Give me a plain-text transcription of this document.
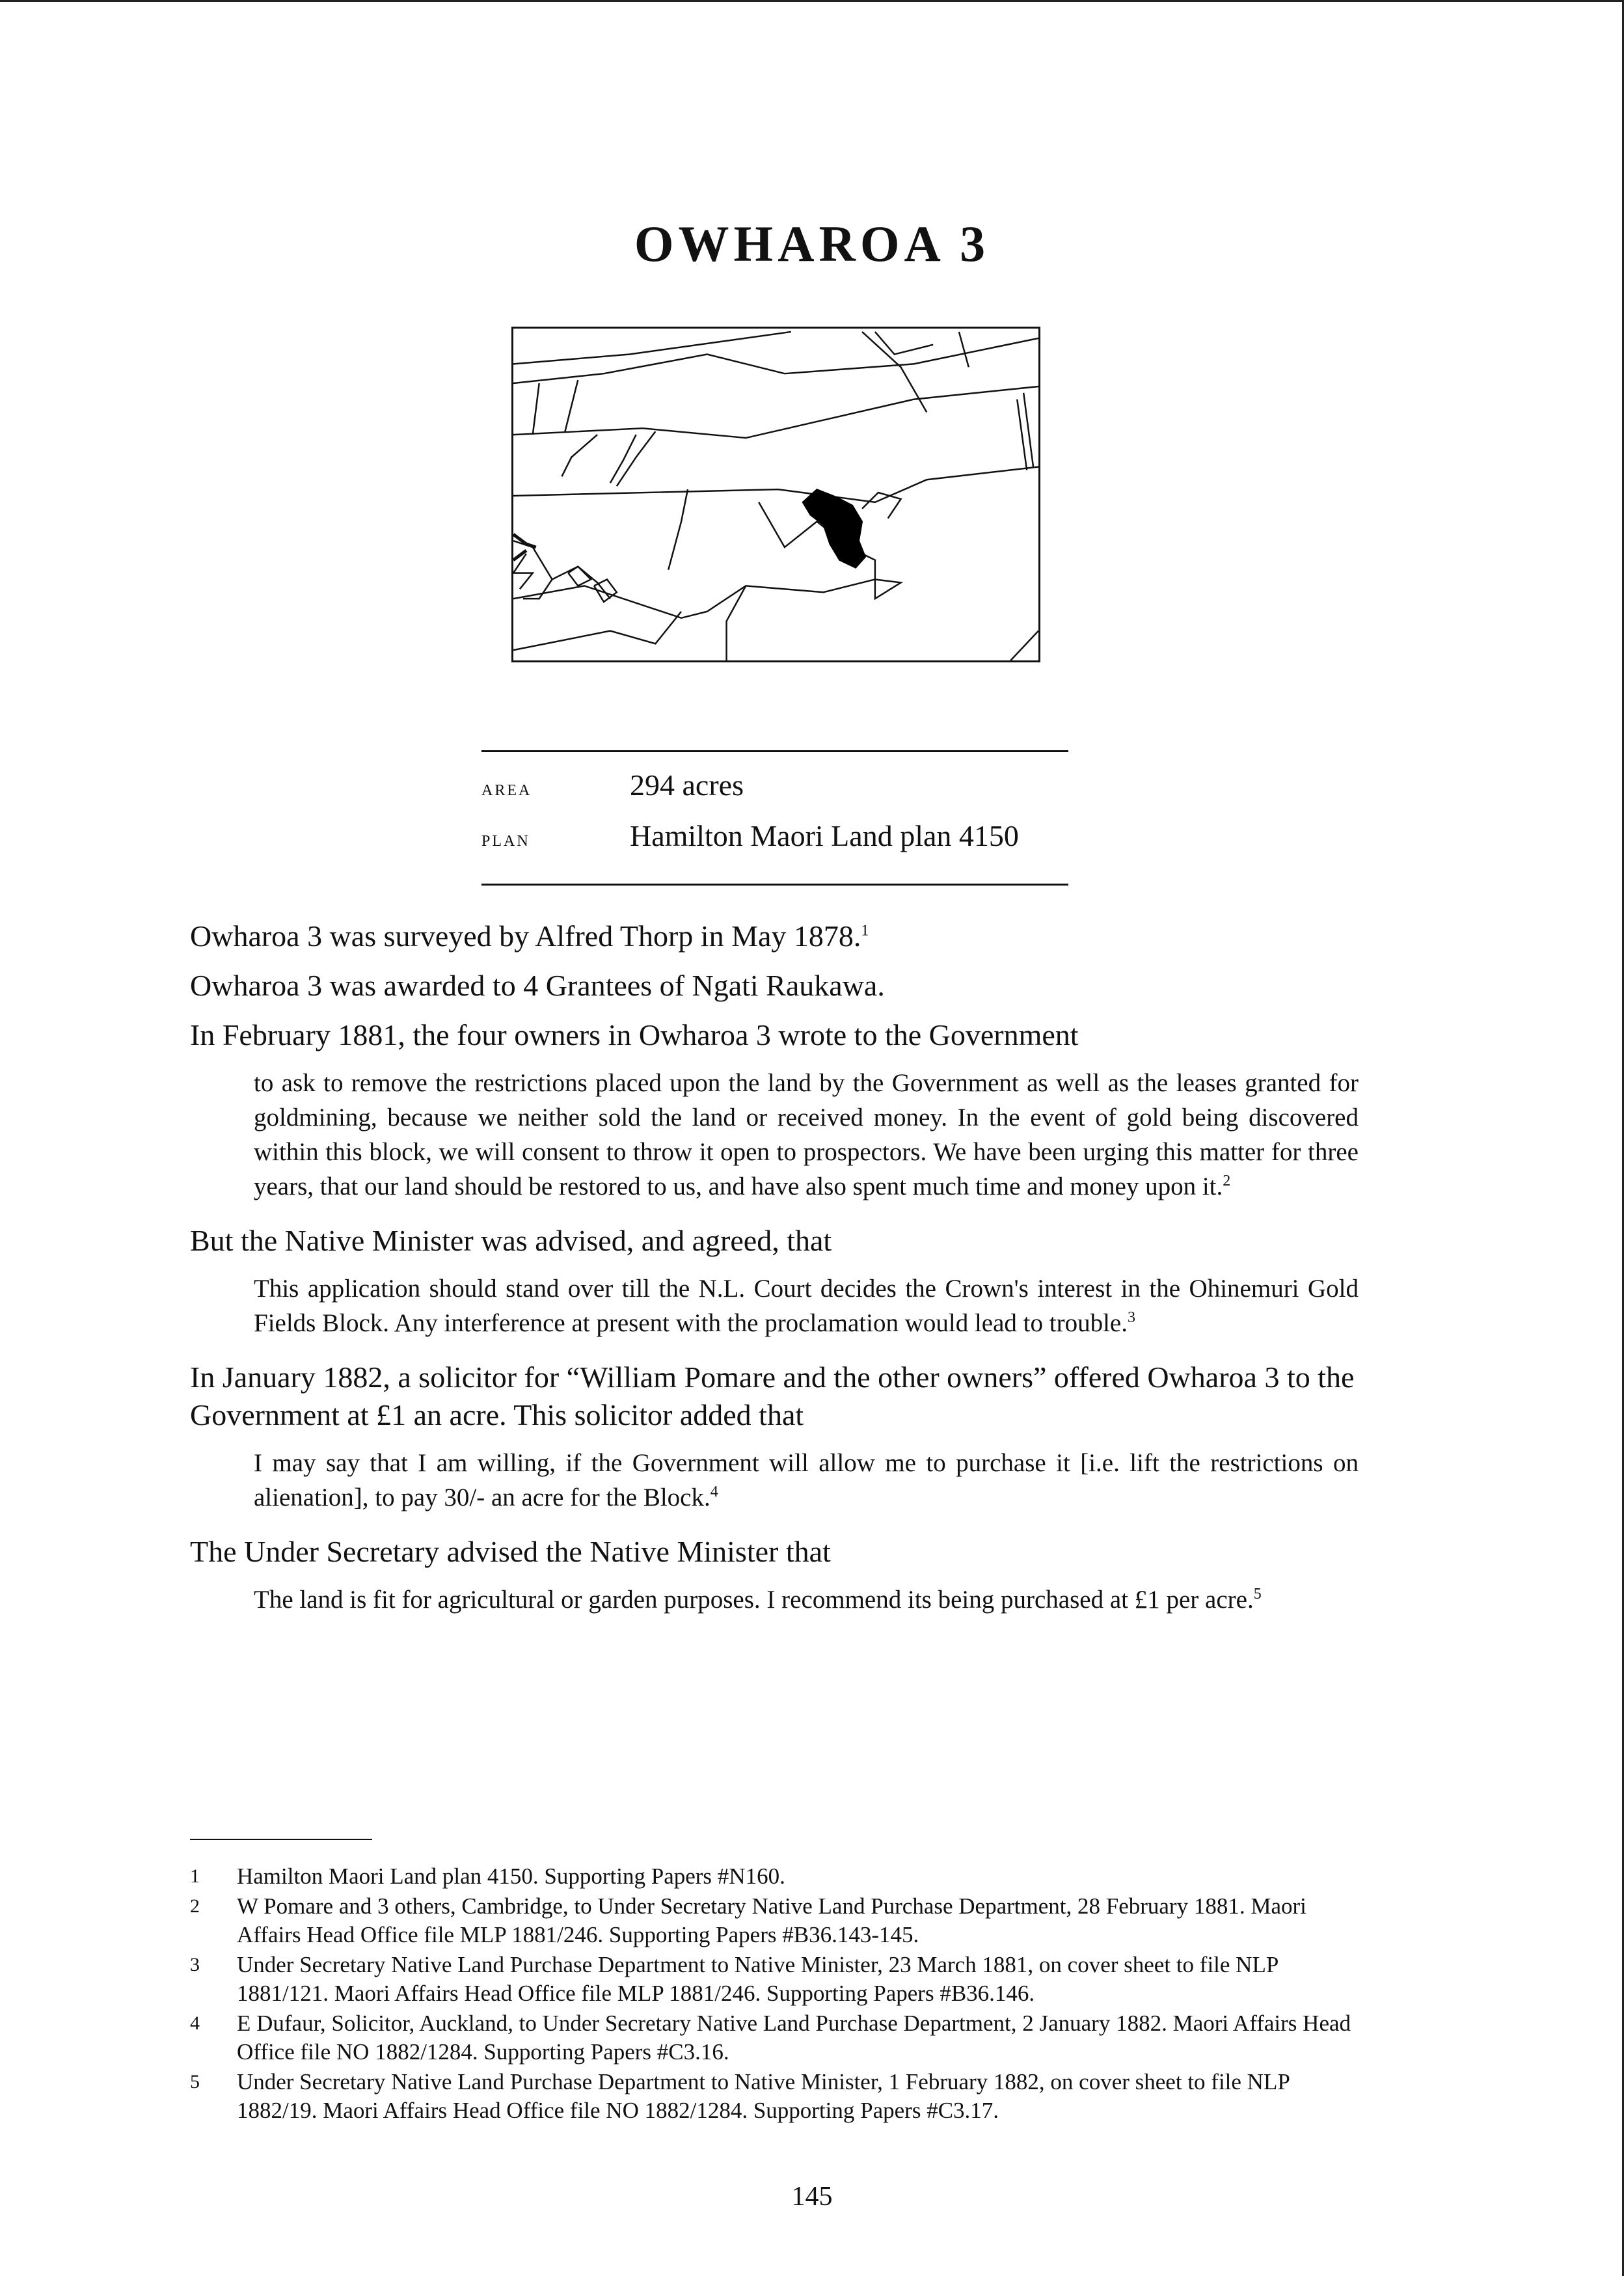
OWHAROA 3
area	294 acres
plan	Hamilton Maori Land plan 4150

Owharoa 3 was surveyed by Alfred Thorp in May 1878.$^1$

Owharoa 3 was awarded to 4 Grantees of Ngati Raukawa.

In February 1881, the four owners in Owharoa 3 wrote to the Government

to ask to remove the restrictions placed upon the land by the Government as well as the leases granted for goldmining, because we neither sold the land or received money. In the event of gold being discovered within this block, we will consent to throw it open to prospectors. We have been urging this matter for three years, that our land should be restored to us, and have also spent much time and money upon it.$^2$

But the Native Minister was advised, and agreed, that

This application should stand over till the N.L. Court decides the Crown's interest in the Ohinemuri Gold Fields Block. Any interference at present with the proclamation would lead to trouble.$^3$

In January 1882, a solicitor for “William Pomare and the other owners” offered Owharoa 3 to the Government at £1 an acre. This solicitor added that

I may say that I am willing, if the Government will allow me to purchase it [i.e. lift the restrictions on alienation], to pay 30/- an acre for the Block.$^4$

The Under Secretary advised the Native Minister that

The land is fit for agricultural or garden purposes. I recommend its being purchased at £1 per acre.$^5$

1	Hamilton Maori Land plan 4150. Supporting Papers #N160.
2	W Pomare and 3 others, Cambridge, to Under Secretary Native Land Purchase Department, 28 February 1881. Maori Affairs Head Office file MLP 1881/246. Supporting Papers #B36.143-145.
3	Under Secretary Native Land Purchase Department to Native Minister, 23 March 1881, on cover sheet to file NLP 1881/121. Maori Affairs Head Office file MLP 1881/246. Supporting Papers #B36.146.
4	E Dufaur, Solicitor, Auckland, to Under Secretary Native Land Purchase Department, 2 January 1882. Maori Affairs Head Office file NO 1882/1284. Supporting Papers #C3.16.
5	Under Secretary Native Land Purchase Department to Native Minister, 1 February 1882, on cover sheet to file NLP 1882/19. Maori Affairs Head Office file NO 1882/1284. Supporting Papers #C3.17.
145
